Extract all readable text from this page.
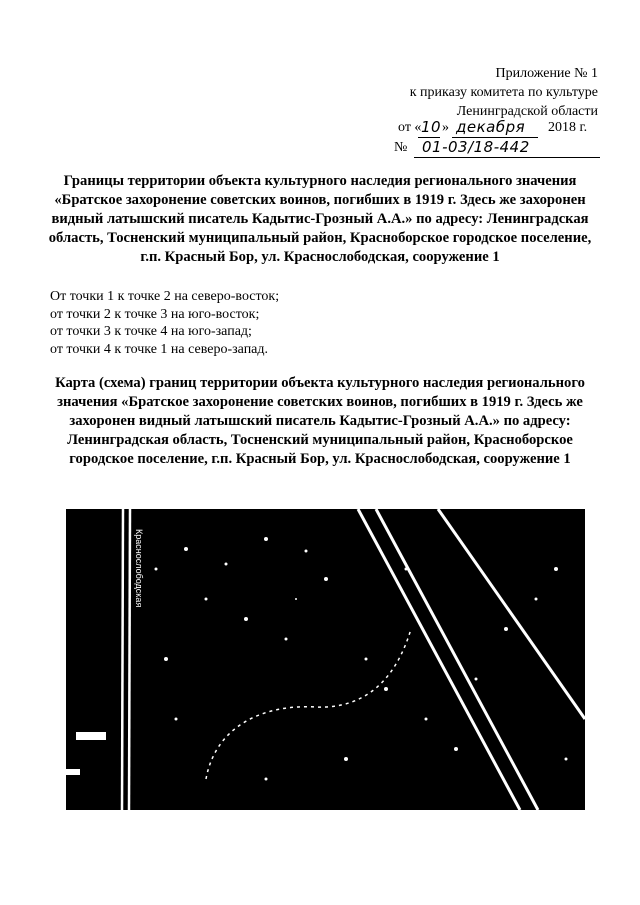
Приложение № 1
к приказу комитета по культуре
Ленинградской области
от « 10 » декабря 2018 г.
№ 01-03/18-442
Границы территории объекта культурного наследия регионального значения «Братское захоронение советских воинов, погибших в 1919 г. Здесь же захоронен видный латышский писатель Кадытис-Грозный А.А.» по адресу: Ленинградская область, Тосненский муниципальный район, Красноборское городское поселение, г.п. Красный Бор, ул. Краснослободская, сооружение 1
От точки 1 к точке 2 на северо-восток;
от точки 2 к точке 3 на юго-восток;
от точки 3 к точке 4 на юго-запад;
от точки 4 к точке 1 на северо-запад.
Карта (схема) границ территории объекта культурного наследия регионального значения «Братское захоронение советских воинов, погибших в 1919 г. Здесь же захоронен видный латышский писатель Кадытис-Грозный А.А.» по адресу: Ленинградская область, Тосненский муниципальный район, Красноборское городское поселение, г.п. Красный Бор, ул. Краснослободская, сооружение 1
Краснослободская
